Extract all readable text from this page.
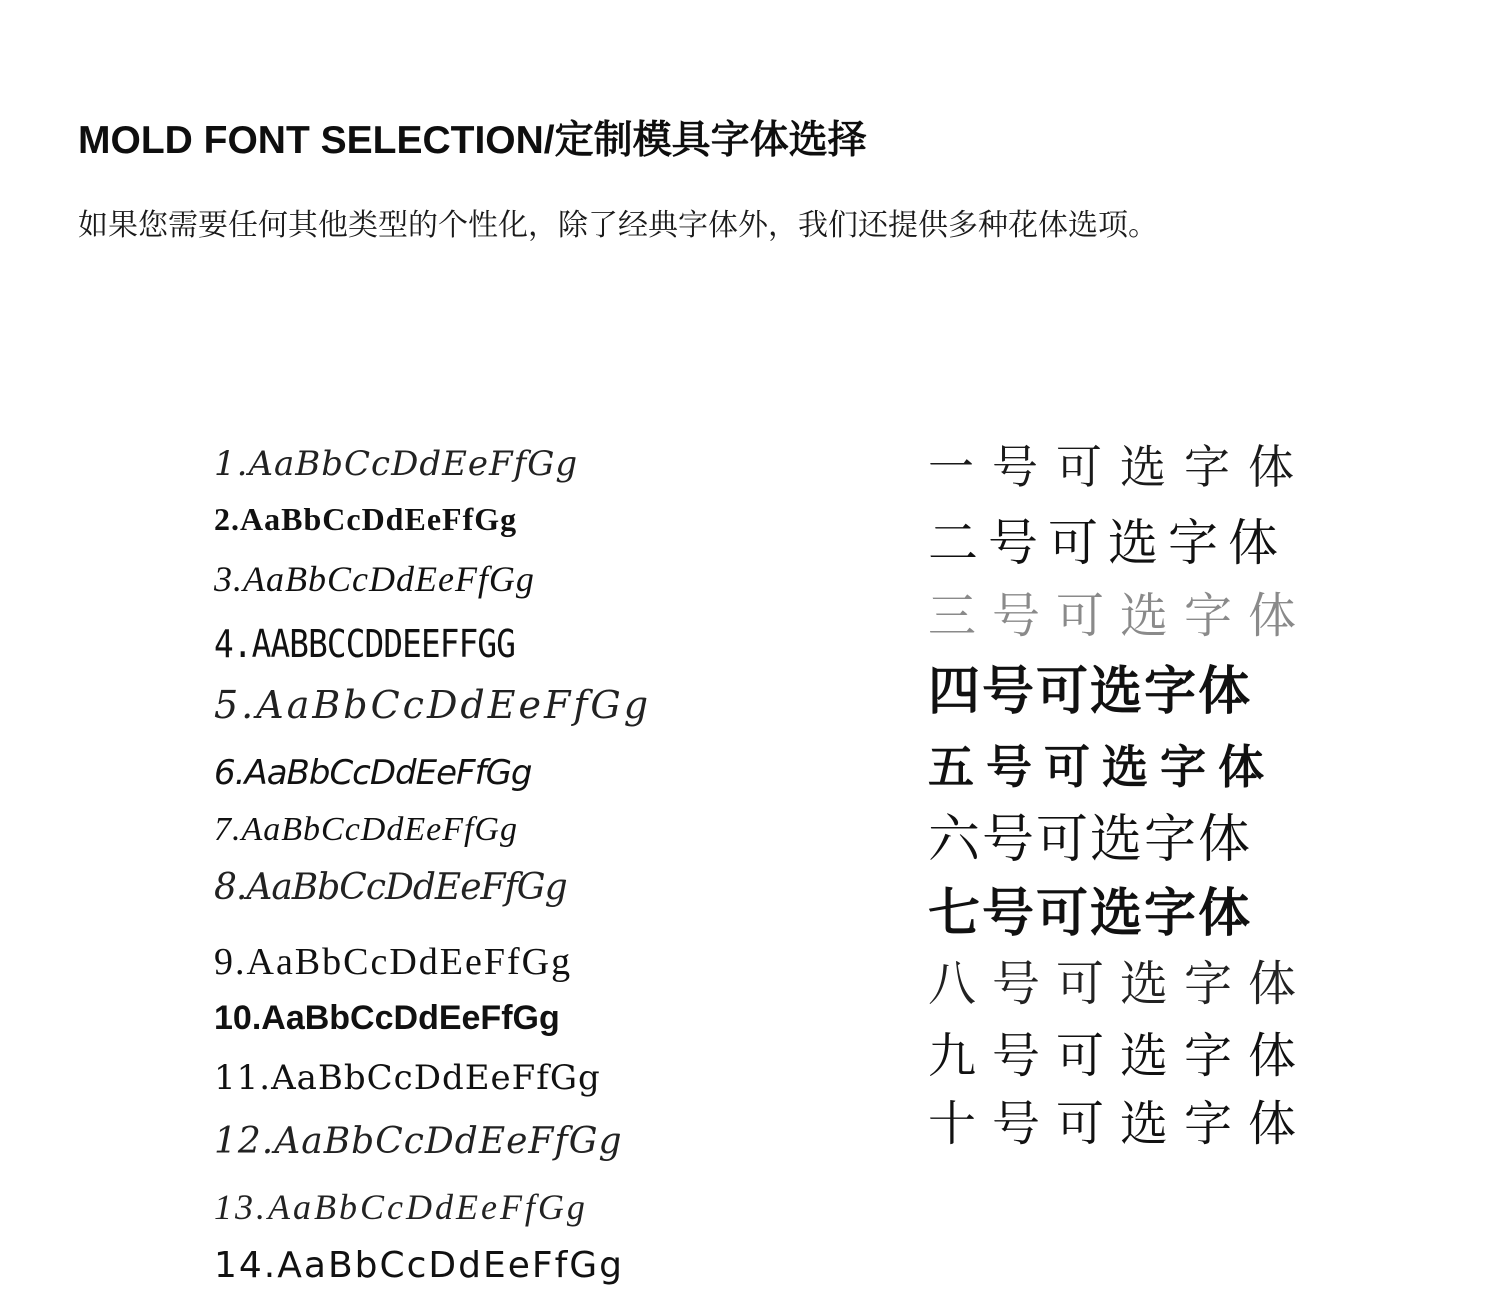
MOLD FONT SELECTION/定制模具字体选择

如果您需要任何其他类型的个性化，除了经典字体外，我们还提供多种花体选项。

1.AaBbCcDdEeFfGg
2.AaBbCcDdEeFfGg
3.AaBbCcDdEeFfGg
4.AABBCCDDEEFFGG
5.AaBbCcDdEeFfGg
6.AaBbCcDdEeFfGg
7.AaBbCcDdEeFfGg
8.AaBbCcDdEeFfGg
9.AaBbCcDdEeFfGg
10.AaBbCcDdEeFfGg
11.AaBbCcDdEeFfGg
12.AaBbCcDdEeFfGg
13.AaBbCcDdEeFfGg
14.AaBbCcDdEeFfGg
一号可选字体
二号可选字体
三号可选字体
四号可选字体
五号可选字体
六号可选字体
七号可选字体
八号可选字体
九号可选字体
十号可选字体
